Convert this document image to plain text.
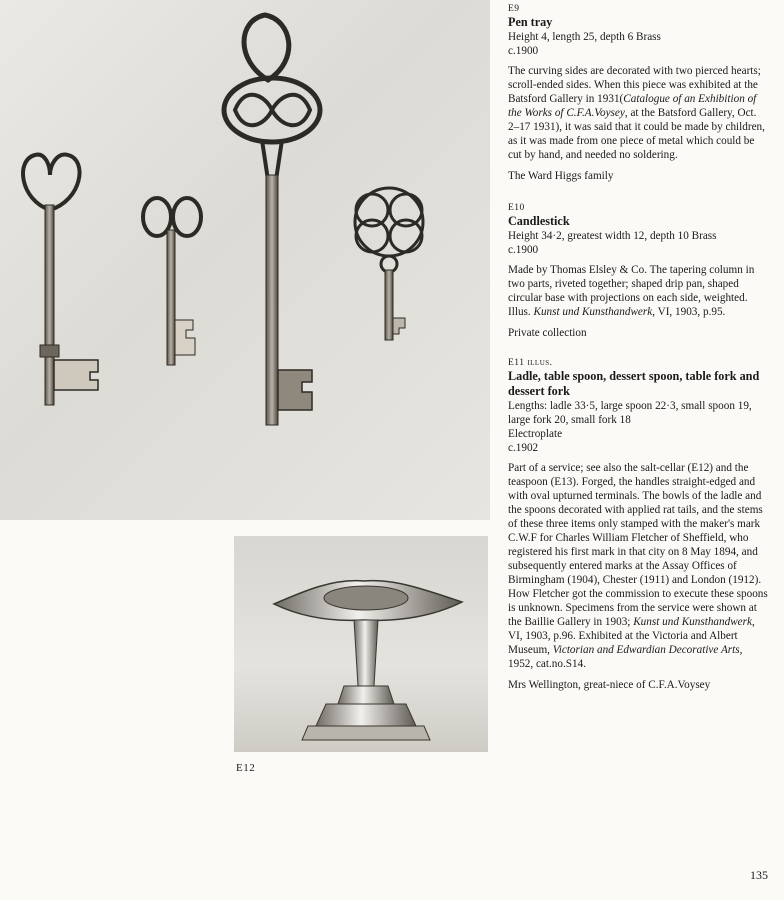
E12
E9
Pen tray
Height 4, length 25, depth 6 Brass
c.1900
The curving sides are decorated with two pierced hearts; scroll-ended sides. When this piece was exhibited at the Batsford Gallery in 1931(Catalogue of an Exhibition of the Works of C.F.A.Voysey, at the Batsford Gallery, Oct. 2–17 1931), it was said that it could be made by children, as it was made from one piece of metal which could be cut by hand, and needed no soldering.
The Ward Higgs family
E10
Candlestick
Height 34·2, greatest width 12, depth 10 Brass
c.1900
Made by Thomas Elsley & Co. The tapering column in two parts, riveted together; shaped drip pan, shaped circular base with projections on each side, weighted. Illus. Kunst und Kunsthandwerk, VI, 1903, p.95.
Private collection
E11 illus.
Ladle, table spoon, dessert spoon, table fork and dessert fork
Lengths: ladle 33·5, large spoon 22·3, small spoon 19, large fork 20, small fork 18
Electroplate
c.1902
Part of a service; see also the salt-cellar (E12) and the teaspoon (E13). Forged, the handles straight-edged and with oval upturned terminals. The bowls of the ladle and the spoons decorated with applied rat tails, and the stems of these three items only stamped with the maker's mark C.W.F for Charles William Fletcher of Sheffield, who registered his first mark in that city on 8 May 1894, and subsequently entered marks at the Assay Offices of Birmingham (1904), Chester (1911) and London (1912). How Fletcher got the commission to execute these spoons is unknown. Specimens from the service were shown at the Baillie Gallery in 1903; Kunst und Kunsthandwerk, VI, 1903, p.96. Exhibited at the Victoria and Albert Museum, Victorian and Edwardian Decorative Arts, 1952, cat.no.S14.
Mrs Wellington, great-niece of C.F.A.Voysey
135
